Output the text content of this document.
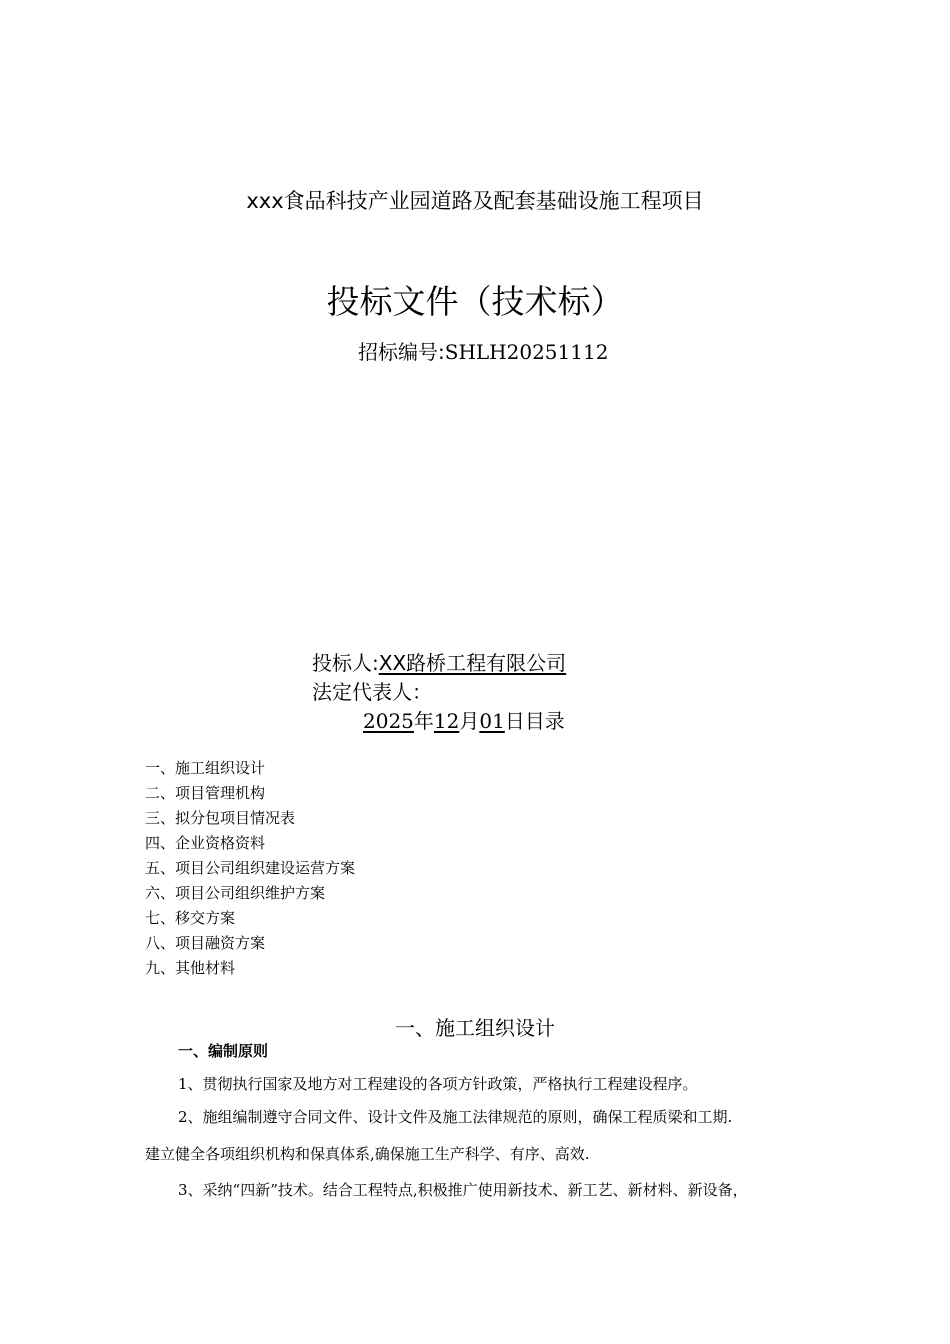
xxx食品科技产业园道路及配套基础设施工程项目
投标文件（技术标）
招标编号:SHLH20251112
投标人:XX路桥工程有限公司
法定代表人：
2025年12月01日目录
一、施工组织设计
二、项目管理机构
三、拟分包项目情况表
四、企业资格资料
五、项目公司组织建设运营方案
六、项目公司组织维护方案
七、移交方案
八、项目融资方案
九、其他材料
一、施工组织设计
一、编制原则
1、贯彻执行国家及地方对工程建设的各项方针政策，严格执行工程建设程序。
2、施组编制遵守合同文件、设计文件及施工法律规范的原则，确保工程质梁和工期.
建立健全各项组织机构和保真体系,确保施工生产科学、有序、高效.
3、采纳“四新”技术。结合工程特点,积极推广使用新技术、新工艺、新材料、新设备，
